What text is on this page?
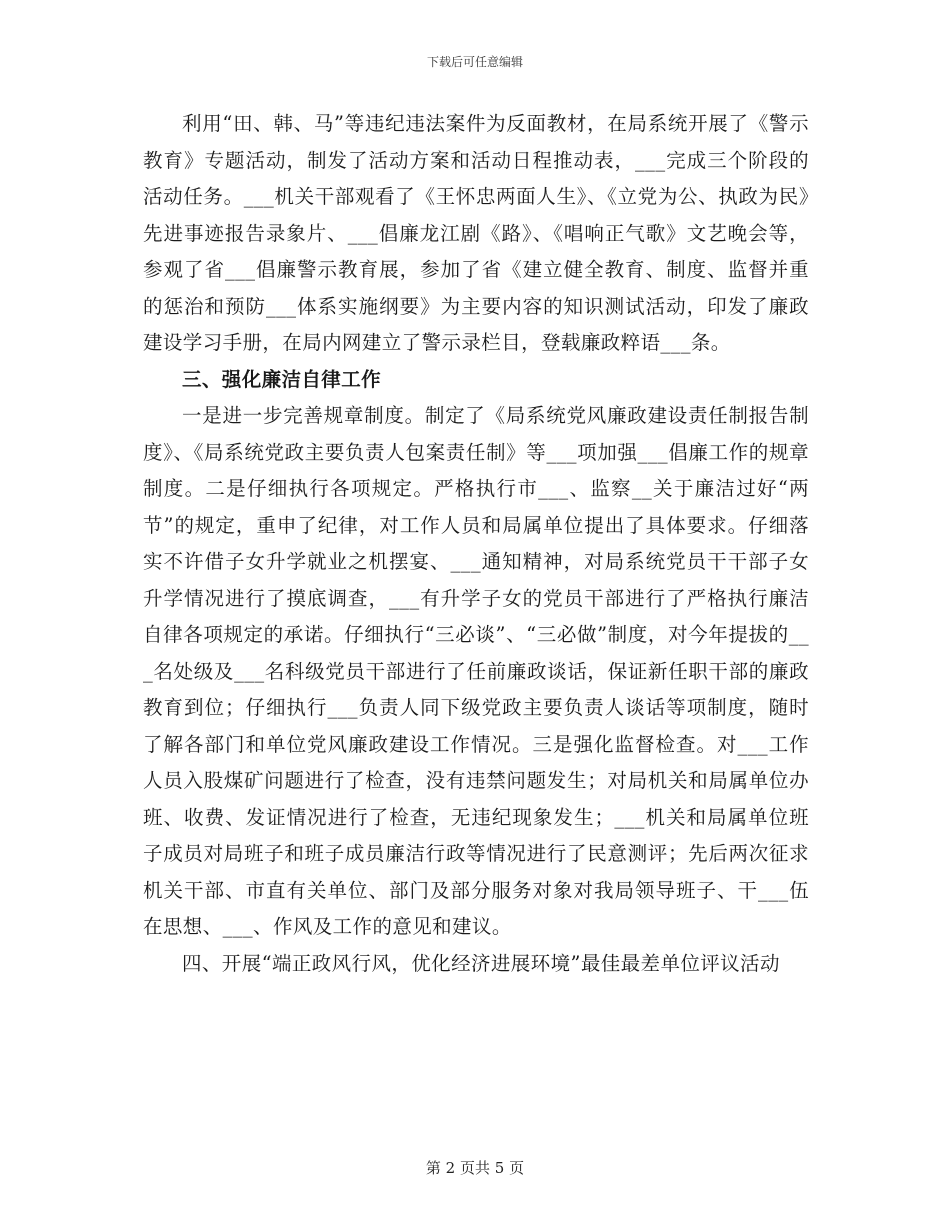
下载后可任意编辑

利用“田、韩、马”等违纪违法案件为反面教材，在局系统开展了《警示教育》专题活动，制发了活动方案和活动日程推动表，___完成三个阶段的活动任务。___机关干部观看了《王怀忠两面人生》、《立党为公、执政为民》先进事迹报告录象片、___倡廉龙江剧《路》、《唱响正气歌》文艺晚会等，参观了省___倡廉警示教育展，参加了省《建立健全教育、制度、监督并重的惩治和预防___体系实施纲要》为主要内容的知识测试活动，印发了廉政建设学习手册，在局内网建立了警示录栏目，登载廉政粹语___条。

三、强化廉洁自律工作

一是进一步完善规章制度。制定了《局系统党风廉政建设责任制报告制度》、《局系统党政主要负责人包案责任制》等___项加强___倡廉工作的规章制度。二是仔细执行各项规定。严格执行市___、监察__关于廉洁过好“两节”的规定，重申了纪律，对工作人员和局属单位提出了具体要求。仔细落实不许借子女升学就业之机摆宴、___通知精神，对局系统党员干干部子女升学情况进行了摸底调查，___有升学子女的党员干部进行了严格执行廉洁自律各项规定的承诺。仔细执行“三必谈”、“三必做”制度，对今年提拔的___名处级及___名科级党员干部进行了任前廉政谈话，保证新任职干部的廉政教育到位；仔细执行___负责人同下级党政主要负责人谈话等项制度，随时了解各部门和单位党风廉政建设工作情况。三是强化监督检查。对___工作人员入股煤矿问题进行了检查，没有违禁问题发生；对局机关和局属单位办班、收费、发证情况进行了检查，无违纪现象发生；___机关和局属单位班子成员对局班子和班子成员廉洁行政等情况进行了民意测评；先后两次征求机关干部、市直有关单位、部门及部分服务对象对我局领导班子、干___伍在思想、___、作风及工作的意见和建议。

四、开展“端正政风行风，优化经济进展环境”最佳最差单位评议活动

第 2 页共 5 页
